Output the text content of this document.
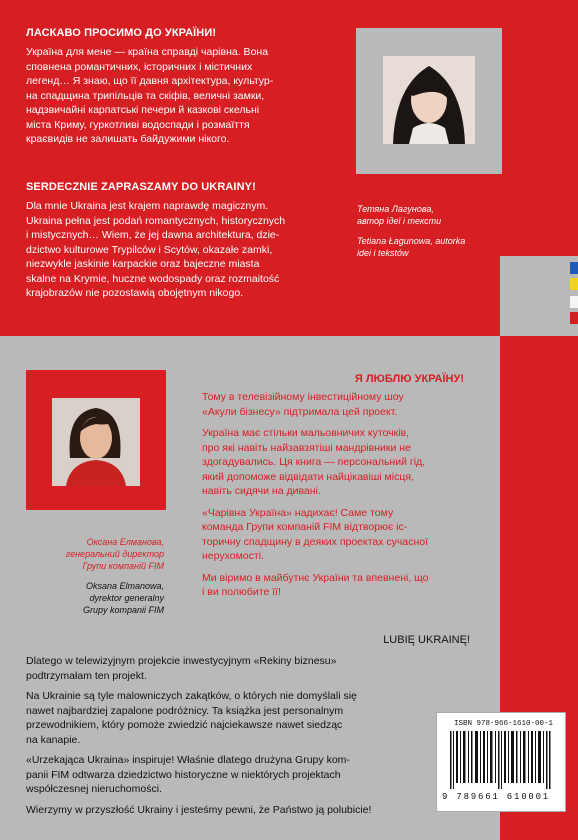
ЛАСКАВО ПРОСИМО ДО УКРАЇНИ!

Україна для мене — країна справді чарівна. Вона

сповнена романтичних, історичних і містичних

легенд… Я знаю, що її давня архітектура, культур-

на спадщина трипільців та скіфів, величні замки,

надзвичайні карпатські печери й казкові скельні

міста Криму, гуркотливі водоспади і розмаїття

краєвидів не залишать байдужими нікого.

SERDECZNIE ZAPRASZAMY DO UKRAINY!

Dla mnie Ukraina jest krajem naprawdę magicznym.

Ukraina pełna jest podań romantycznych, historycznych

i mistycznych… Wiem, że jej dawna architektura, dzie-

dzictwo kulturowe Trypilców i Scytów, okazałe zamki,

niezwykle jaskinie karpackie oraz bajeczne miasta

skalne na Krymie, huczne wodospady oraz rozmaitość

krajobrazów nie pozostawią obojętnym nikogo.

Тетяна Лагунова,

автор ідеї і тексти

Tetiana Łagunowa, autorka

idei i tekstów

Оксана Елманова,

генеральний директор

Групи компаній FIM

Oksana Elmanowa,

dyrektor generalny

Grupy kompanii FIM

Я ЛЮБЛЮ УКРАЇНУ!

Тому в телевізійному інвестиційному шоу

«Акули бізнесу» підтримала цей проект.

Україна має стільки мальовничих куточків,

про які навіть найзавзятіші мандрівники не

здогадувались. Ця книга — персональний гід,

який допоможе відвідати найцікавіші місця,

навіть сидячи на дивані.

«Чарівна Україна» надихає! Саме тому

команда Групи компаній FIM відтворює іс-

торичну спадщину в деяких проектах сучасної

нерухомості.

Ми віримо в майбутнє України та впевнені, що

і ви полюбите її!

LUBIĘ UKRAINĘ!

Dlatego w telewizyjnym projekcie inwestycyjnym «Rekiny biznesu»

podtrzymałam ten projekt.

Na Ukrainie są tyle malowniczych zakątków, o których nie domyślali się

nawet najbardziej zapalone podróżnicy. Ta książka jest personalnym

przewodnikiem, który pomoże zwiedzić najciekawsze nawet siedząc

na kanapie.

«Urzekająca Ukraina» inspiruje! Właśnie dlatego drużyna Grupy kom-

panii FIM odtwarza dziedzictwo historyczne w niektórych projektach

współczesnej nieruchomości.

Wierzymy w przyszłość Ukrainy i jesteśmy pewni, że Państwo ją polubicie!

ISBN 978-966-1610-00-1
9 789661 610001
